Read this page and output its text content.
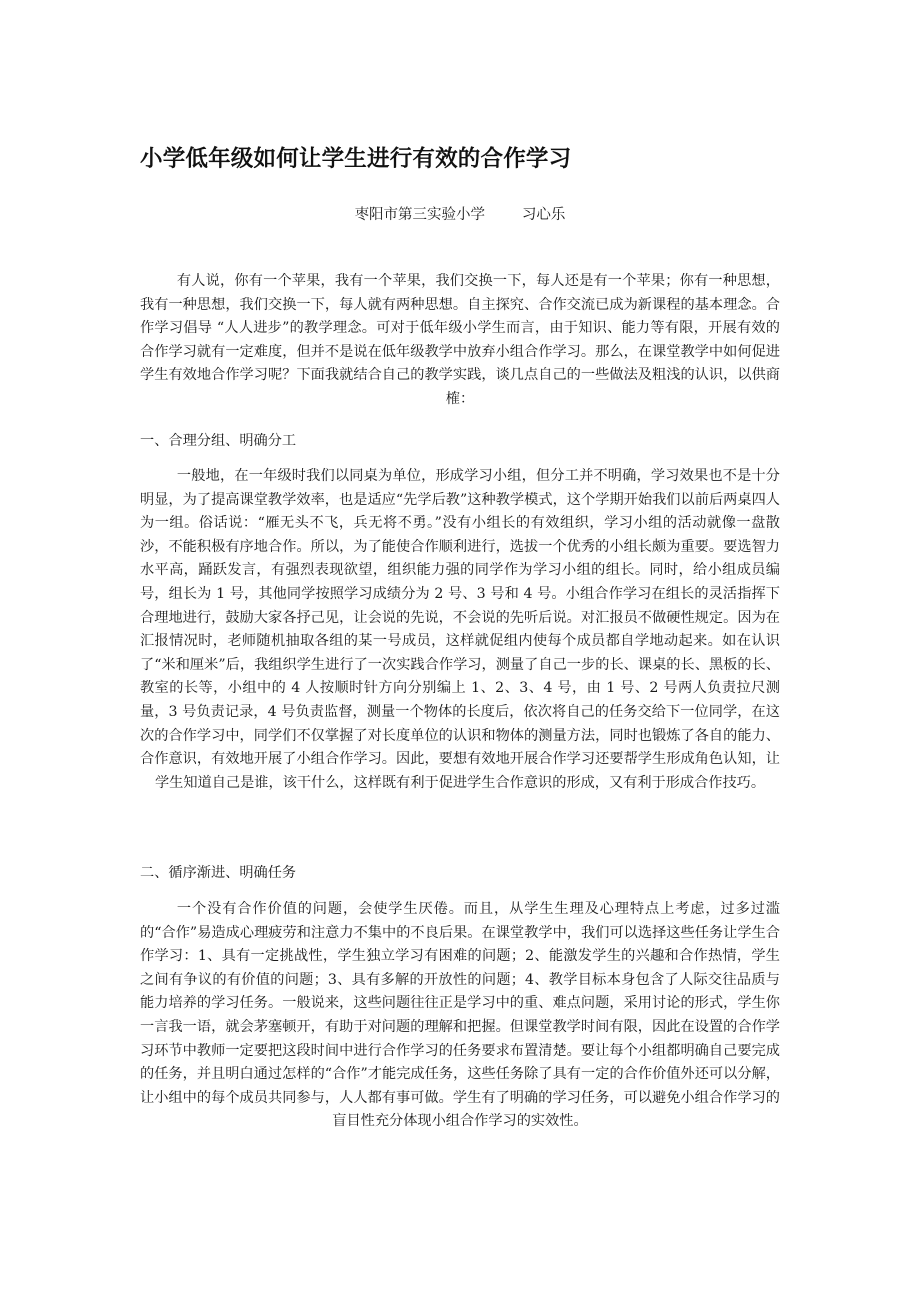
小学低年级如何让学生进行有效的合作学习
枣阳市第三实验小学        习心乐

有人说，你有一个苹果，我有一个苹果，我们交换一下，每人还是有一个苹果；你有一种思想，我有一种思想，我们交换一下，每人就有两种思想。自主探究、合作交流已成为新课程的基本理念。合作学习倡导 “人人进步”的教学理念。可对于低年级小学生而言，由于知识、能力等有限，开展有效的合作学习就有一定难度，但并不是说在低年级教学中放弃小组合作学习。那么，在课堂教学中如何促进学生有效地合作学习呢？下面我就结合自己的教学实践，谈几点自己的一些做法及粗浅的认识，以供商榷：

一、合理分组、明确分工

一般地，在一年级时我们以同桌为单位，形成学习小组，但分工并不明确，学习效果也不是十分明显，为了提高课堂教学效率，也是适应“先学后教”这种教学模式，这个学期开始我们以前后两桌四人为一组。俗话说：“雁无头不飞，兵无将不勇。”没有小组长的有效组织，学习小组的活动就像一盘散沙，不能积极有序地合作。所以，为了能使合作顺利进行，选拔一个优秀的小组长颇为重要。要选智力水平高，踊跃发言，有强烈表现欲望，组织能力强的同学作为学习小组的组长。同时，给小组成员编号，组长为 1 号，其他同学按照学习成绩分为 2 号、3 号和 4 号。小组合作学习在组长的灵活指挥下合理地进行，鼓励大家各抒己见，让会说的先说，不会说的先听后说。对汇报员不做硬性规定。因为在汇报情况时，老师随机抽取各组的某一号成员，这样就促组内使每个成员都自学地动起来。如在认识了“米和厘米”后，我组织学生进行了一次实践合作学习，测量了自己一步的长、课桌的长、黑板的长、教室的长等，小组中的 4 人按顺时针方向分别编上 1、2、3、4 号，由 1 号、2 号两人负责拉尺测量，3 号负责记录，4 号负责监督，测量一个物体的长度后，依次将自己的任务交给下一位同学，在这次的合作学习中，同学们不仅掌握了对长度单位的认识和物体的测量方法，同时也锻炼了各自的能力、合作意识，有效地开展了小组合作学习。因此，要想有效地开展合作学习还要帮学生形成角色认知，让学生知道自己是谁，该干什么，这样既有利于促进学生合作意识的形成，又有利于形成合作技巧。

二、循序渐进、明确任务

一个没有合作价值的问题，会使学生厌倦。而且，从学生生理及心理特点上考虑，过多过滥的“合作”易造成心理疲劳和注意力不集中的不良后果。在课堂教学中，我们可以选择这些任务让学生合作学习：1、具有一定挑战性，学生独立学习有困难的问题；2、能激发学生的兴趣和合作热情，学生之间有争议的有价值的问题；3、具有多解的开放性的问题；4、教学目标本身包含了人际交往品质与能力培养的学习任务。一般说来，这些问题往往正是学习中的重、难点问题，采用讨论的形式，学生你一言我一语，就会茅塞顿开，有助于对问题的理解和把握。但课堂教学时间有限，因此在设置的合作学习环节中教师一定要把这段时间中进行合作学习的任务要求布置清楚。要让每个小组都明确自己要完成的任务，并且明白通过怎样的“合作”才能完成任务，这些任务除了具有一定的合作价值外还可以分解，让小组中的每个成员共同参与，人人都有事可做。学生有了明确的学习任务，可以避免小组合作学习的盲目性充分体现小组合作学习的实效性。
